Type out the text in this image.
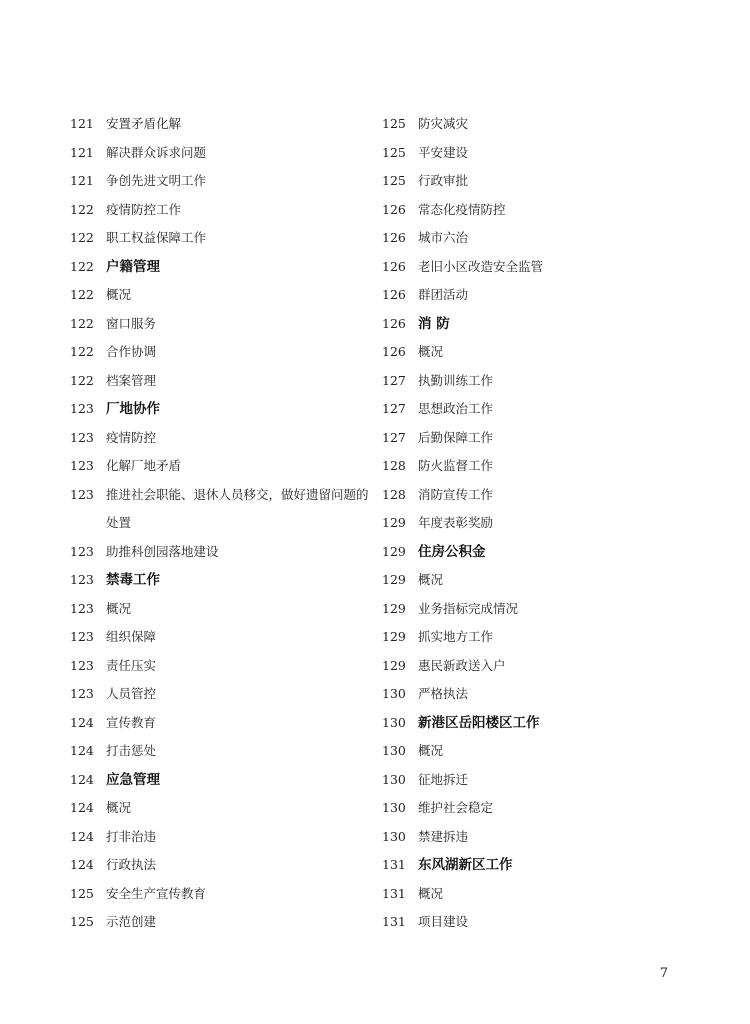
121 安置矛盾化解
121 解决群众诉求问题
121 争创先进文明工作
122 疫情防控工作
122 职工权益保障工作
122 户籍管理
122 概况
122 窗口服务
122 合作协调
122 档案管理
123 厂地协作
123 疫情防控
123 化解厂地矛盾
123 推进社会职能、退休人员移交，做好遗留问题的处置
123 助推科创园落地建设
123 禁毒工作
123 概况
123 组织保障
123 责任压实
123 人员管控
124 宣传教育
124 打击惩处
124 应急管理
124 概况
124 打非治违
124 行政执法
125 安全生产宣传教育
125 示范创建
125 防灾减灾
125 平安建设
125 行政审批
126 常态化疫情防控
126 城市六治
126 老旧小区改造安全监管
126 群团活动
126 消 防
126 概况
127 执勤训练工作
127 思想政治工作
127 后勤保障工作
128 防火监督工作
128 消防宣传工作
129 年度表彰奖励
129 住房公积金
129 概况
129 业务指标完成情况
129 抓实地方工作
129 惠民新政送入户
130 严格执法
130 新港区岳阳楼区工作
130 概况
130 征地拆迁
130 维护社会稳定
130 禁建拆违
131 东风湖新区工作
131 概况
131 项目建设
7
